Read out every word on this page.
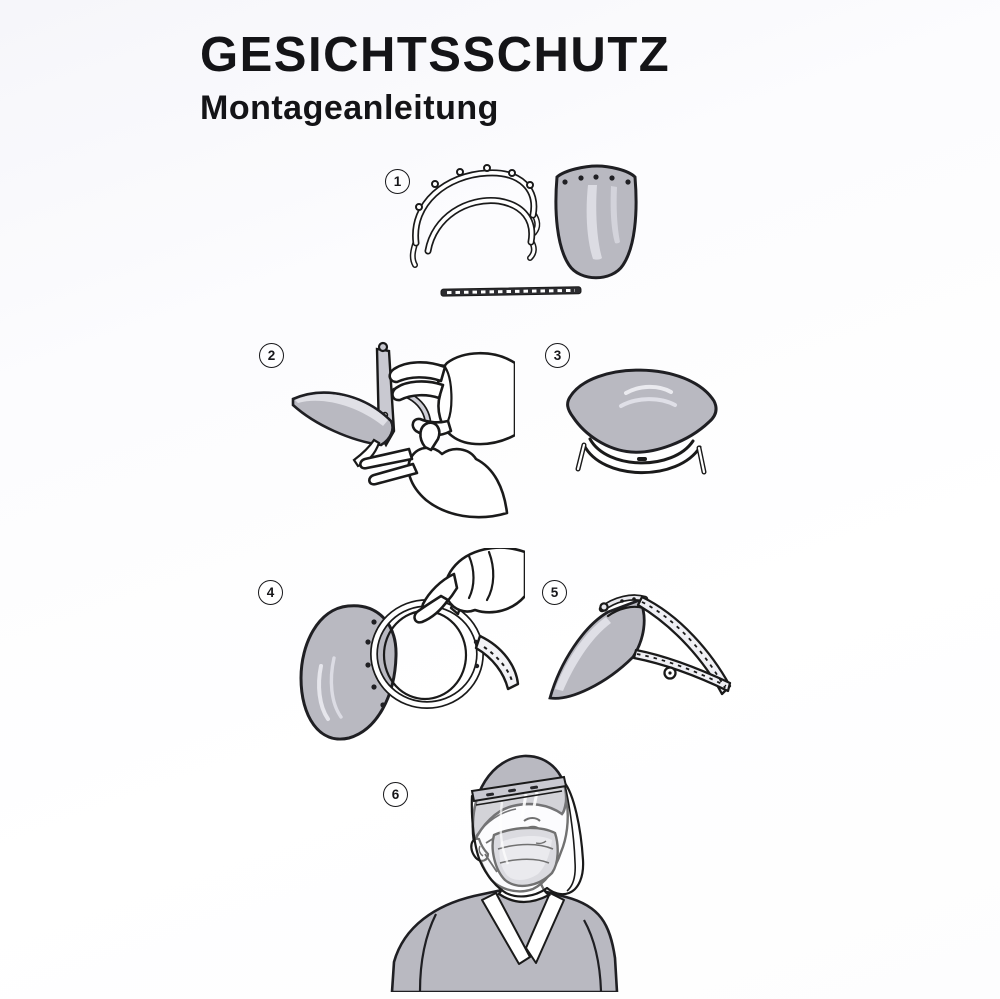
GESICHTSSCHUTZ
Montageanleitung
1
2	3
4	5
6
